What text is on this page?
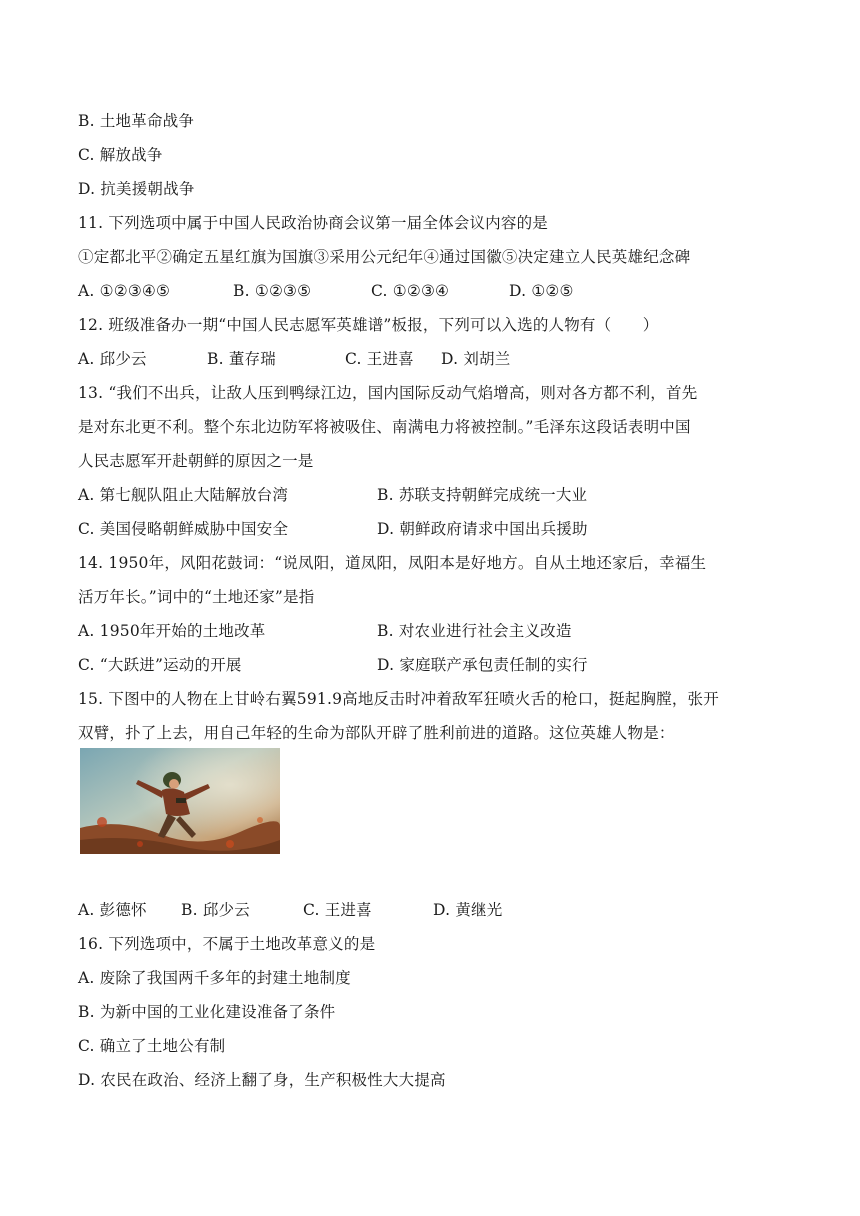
B. 土地革命战争
C. 解放战争
D. 抗美援朝战争
11. 下列选项中属于中国人民政治协商会议第一届全体会议内容的是
①定都北平②确定五星红旗为国旗③采用公元纪年④通过国徽⑤决定建立人民英雄纪念碑
A. ①②③④⑤	B. ①②③⑤	C. ①②③④	D. ①②⑤
12. 班级准备办一期“中国人民志愿军英雄谱”板报，下列可以入选的人物有（　　）
A. 邱少云	B. 董存瑞	C. 王进喜 D. 刘胡兰
13. “我们不出兵，让敌人压到鸭绿江边，国内国际反动气焰增高，则对各方都不利，首先
是对东北更不利。整个东北边防军将被吸住、南满电力将被控制。”毛泽东这段话表明中国
人民志愿军开赴朝鲜的原因之一是
A. 第七舰队阻止大陆解放台湾	B. 苏联支持朝鲜完成统一大业
C. 美国侵略朝鲜威胁中国安全	D. 朝鲜政府请求中国出兵援助
14. 1950年，风阳花鼓词：“说凤阳，道凤阳，凤阳本是好地方。自从土地还家后，幸福生
活万年长。”词中的“土地还家”是指
A. 1950年开始的土地改革	B. 对农业进行社会主义改造
C. “大跃进”运动的开展	D. 家庭联产承包责任制的实行
15. 下图中的人物在上甘岭右翼591.9高地反击时冲着敌军狂喷火舌的枪口，挺起胸膛，张开
双臂，扑了上去，用自己年轻的生命为部队开辟了胜利前进的道路。这位英雄人物是：
A. 彭德怀 B. 邱少云	C. 王进喜	D. 黄继光
16. 下列选项中，不属于土地改革意义的是
A. 废除了我国两千多年的封建土地制度
B. 为新中国的工业化建设准备了条件
C. 确立了土地公有制
D. 农民在政治、经济上翻了身，生产积极性大大提高
